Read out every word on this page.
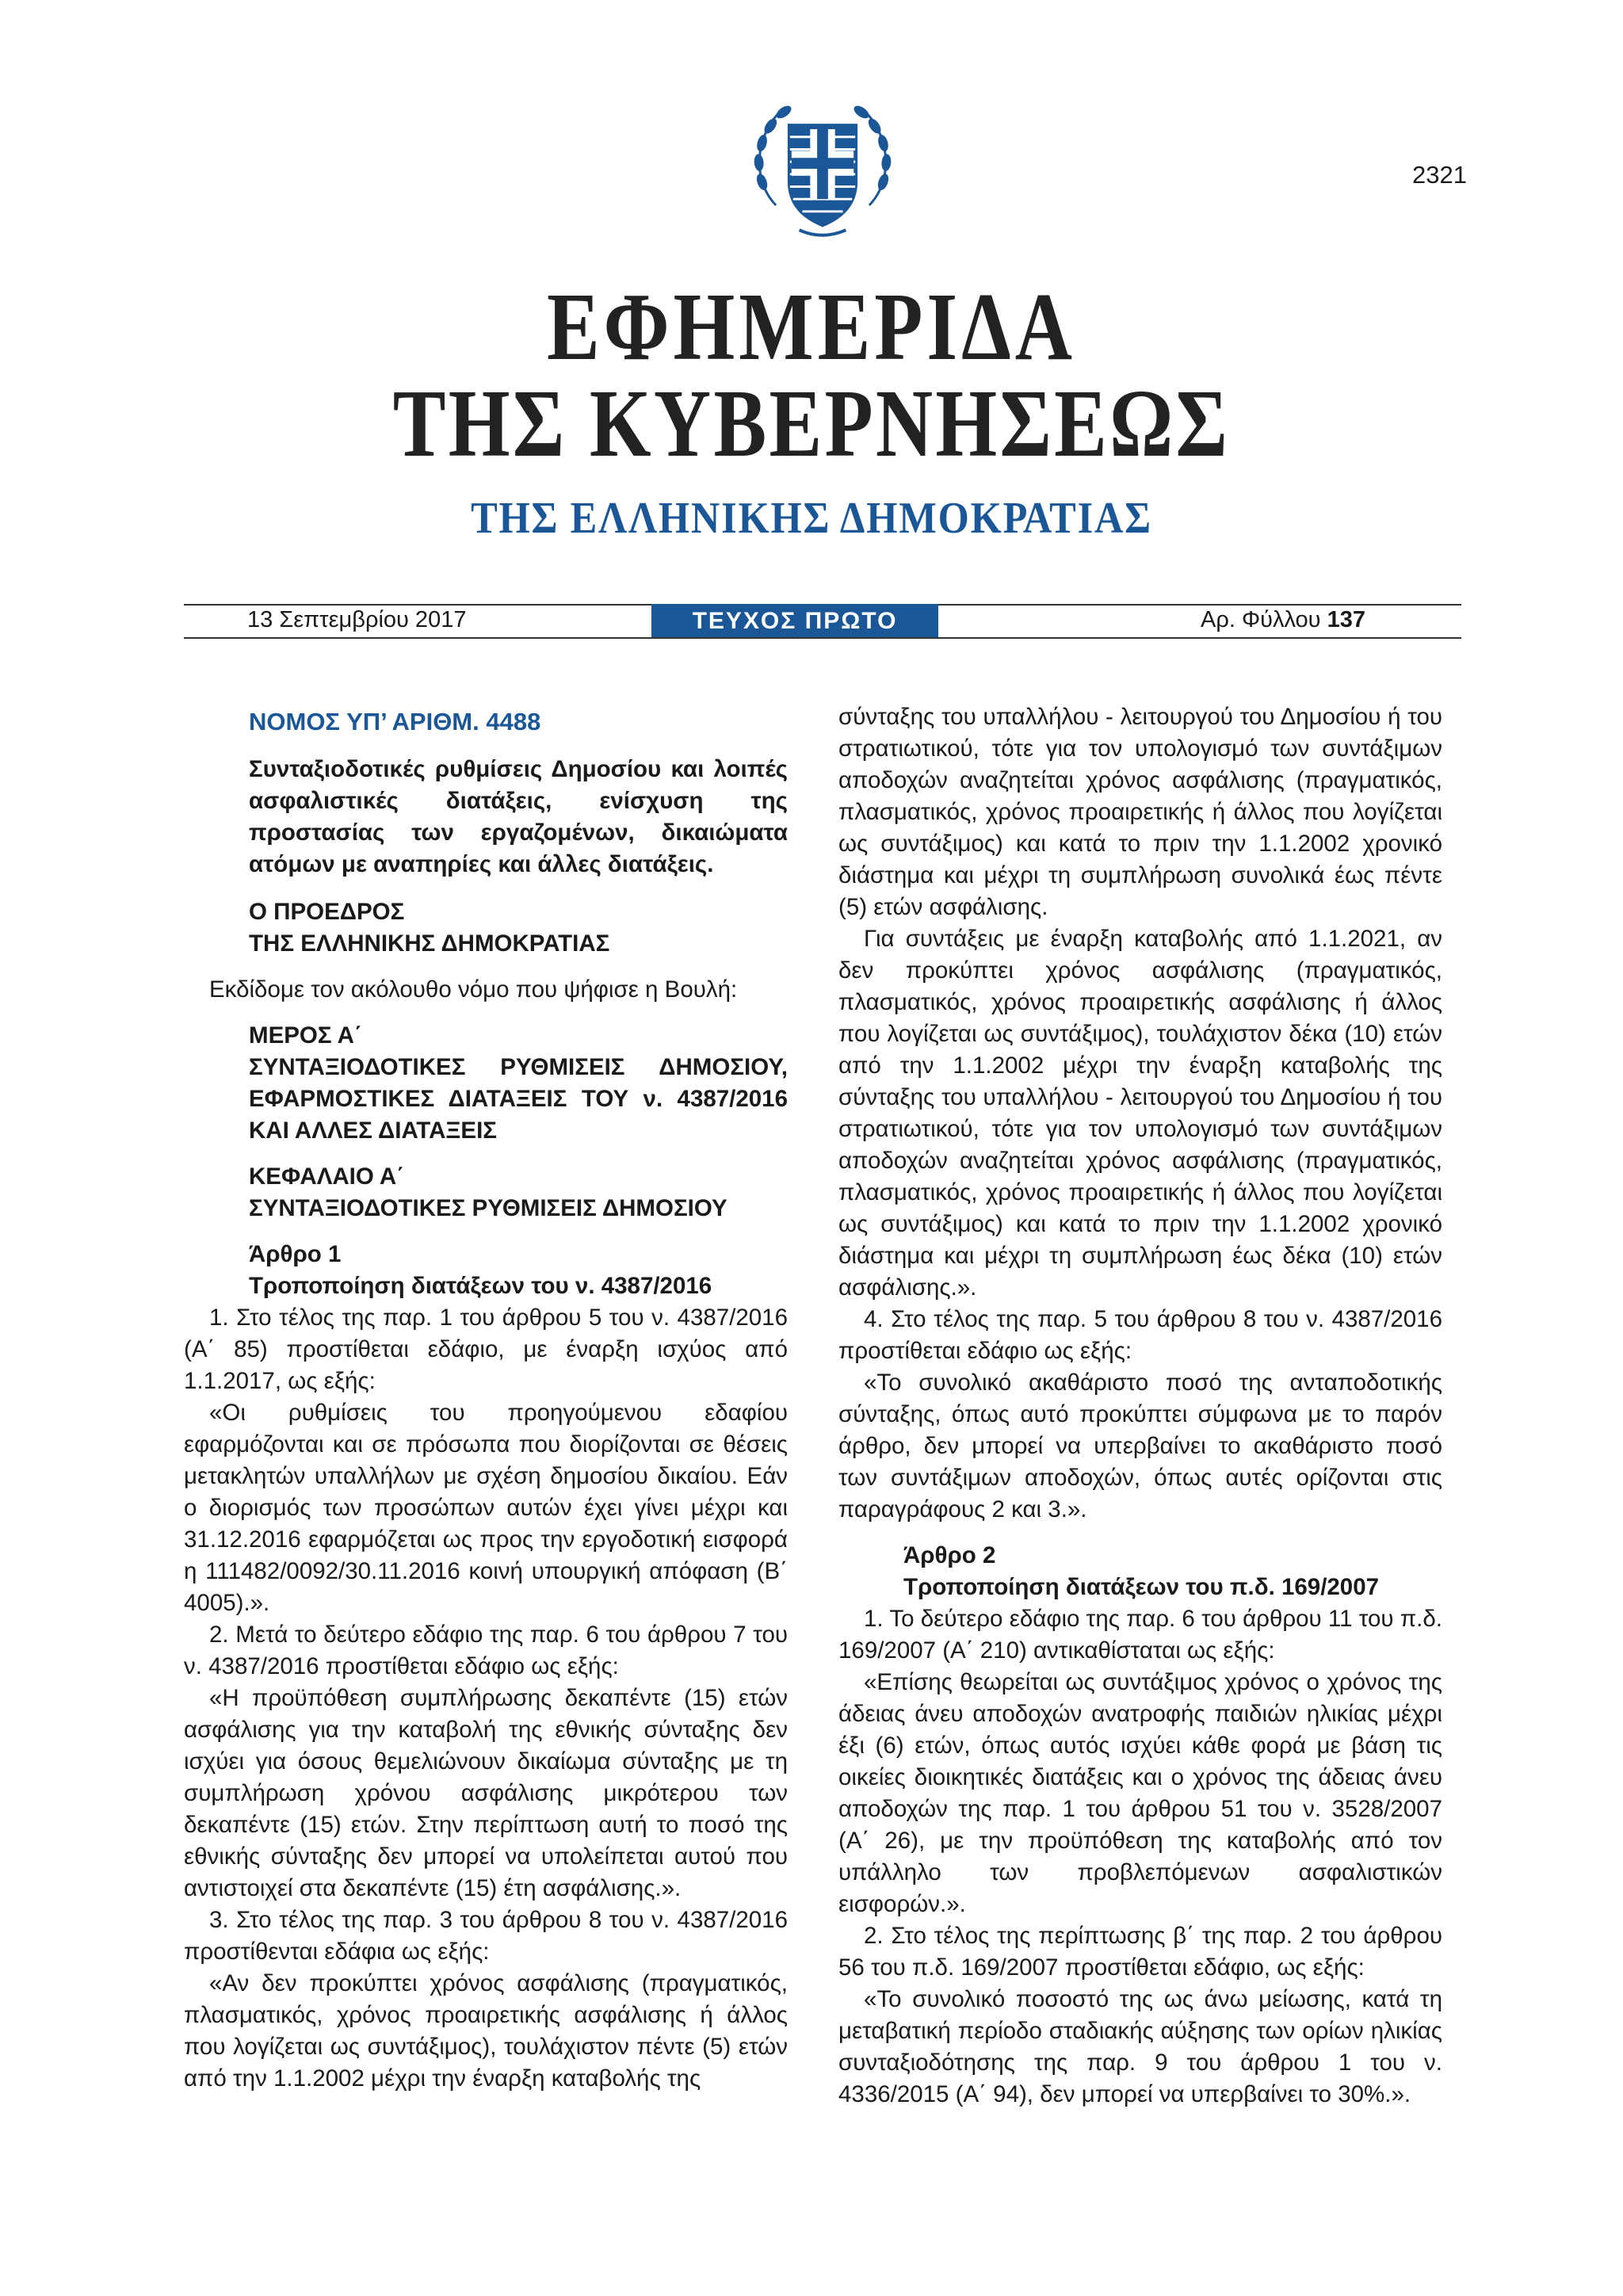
2321
ΕΦΗΜΕΡΙΔΑ
ΤΗΣ ΚΥΒΕΡΝΗΣΕΩΣ
ΤΗΣ ΕΛΛΗΝΙΚΗΣ ΔΗΜΟΚΡΑΤΙΑΣ
13 Σεπτεμβρίου 2017	ΤΕΥΧΟΣ ΠΡΩΤΟ	Αρ. Φύλλου 137

ΝΟΜΟΣ ΥΠ’ ΑΡΙΘΜ. 4488

Συνταξιοδοτικές ρυθμίσεις Δημοσίου και λοιπές ασφαλιστικές διατάξεις, ενίσχυση της προστασίας των εργαζομένων, δικαιώματα ατόμων με αναπηρίες και άλλες διατάξεις.

Ο ΠΡΟΕΔΡΟΣ

ΤΗΣ ΕΛΛΗΝΙΚΗΣ ΔΗΜΟΚΡΑΤΙΑΣ

Εκδίδομε τον ακόλουθο νόμο που ψήφισε η Βουλή:

ΜΕΡΟΣ Α΄

ΣΥΝΤΑΞΙΟΔΟΤΙΚΕΣ ΡΥΘΜΙΣΕΙΣ ΔΗΜΟΣΙΟΥ, ΕΦΑΡΜΟΣΤΙΚΕΣ ΔΙΑΤΑΞΕΙΣ ΤΟΥ ν. 4387/2016 ΚΑΙ ΑΛΛΕΣ ΔΙΑΤΑΞΕΙΣ

ΚΕΦΑΛΑΙΟ Α΄

ΣΥΝΤΑΞΙΟΔΟΤΙΚΕΣ ΡΥΘΜΙΣΕΙΣ ΔΗΜΟΣΙΟΥ

Άρθρο 1

Τροποποίηση διατάξεων του ν. 4387/2016

1. Στο τέλος της παρ. 1 του άρθρου 5 του ν. 4387/2016 (Α΄ 85) προστίθεται εδάφιο, με έναρξη ισχύος από 1.1.2017, ως εξής:

«Οι ρυθμίσεις του προηγούμενου εδαφίου εφαρμόζονται και σε πρόσωπα που διορίζονται σε θέσεις μετακλητών υπαλλήλων με σχέση δημοσίου δικαίου. Εάν ο διορισμός των προσώπων αυτών έχει γίνει μέχρι και 31.12.2016 εφαρμόζεται ως προς την εργοδοτική εισφορά η 111482/0092/30.11.2016 κοινή υπουργική απόφαση (Β΄ 4005).».

2. Μετά το δεύτερο εδάφιο της παρ. 6 του άρθρου 7 του ν. 4387/2016 προστίθεται εδάφιο ως εξής:

«Η προϋπόθεση συμπλήρωσης δεκαπέντε (15) ετών ασφάλισης για την καταβολή της εθνικής σύνταξης δεν ισχύει για όσους θεμελιώνουν δικαίωμα σύνταξης με τη συμπλήρωση χρόνου ασφάλισης μικρότερου των δεκαπέντε (15) ετών. Στην περίπτωση αυτή το ποσό της εθνικής σύνταξης δεν μπορεί να υπολείπεται αυτού που αντιστοιχεί στα δεκαπέντε (15) έτη ασφάλισης.».

3. Στο τέλος της παρ. 3 του άρθρου 8 του ν. 4387/2016 προστίθενται εδάφια ως εξής:

«Αν δεν προκύπτει χρόνος ασφάλισης (πραγματικός, πλασματικός, χρόνος προαιρετικής ασφάλισης ή άλλος που λογίζεται ως συντάξιμος), τουλάχιστον πέντε (5) ετών από την 1.1.2002 μέχρι την έναρξη καταβολής της

σύνταξης του υπαλλήλου - λειτουργού του Δημοσίου ή του στρατιωτικού, τότε για τον υπολογισμό των συντάξιμων αποδοχών αναζητείται χρόνος ασφάλισης (πραγματικός, πλασματικός, χρόνος προαιρετικής ή άλλος που λογίζεται ως συντάξιμος) και κατά το πριν την 1.1.2002 χρονικό διάστημα και μέχρι τη συμπλήρωση συνολικά έως πέντε (5) ετών ασφάλισης.

Για συντάξεις με έναρξη καταβολής από 1.1.2021, αν δεν προκύπτει χρόνος ασφάλισης (πραγματικός, πλασματικός, χρόνος προαιρετικής ασφάλισης ή άλλος που λογίζεται ως συντάξιμος), τουλάχιστον δέκα (10) ετών από την 1.1.2002 μέχρι την έναρξη καταβολής της σύνταξης του υπαλλήλου - λειτουργού του Δημοσίου ή του στρατιωτικού, τότε για τον υπολογισμό των συντάξιμων αποδοχών αναζητείται χρόνος ασφάλισης (πραγματικός, πλασματικός, χρόνος προαιρετικής ή άλλος που λογίζεται ως συντάξιμος) και κατά το πριν την 1.1.2002 χρονικό διάστημα και μέχρι τη συμπλήρωση έως δέκα (10) ετών ασφάλισης.».

4. Στο τέλος της παρ. 5 του άρθρου 8 του ν. 4387/2016 προστίθεται εδάφιο ως εξής:

«Το συνολικό ακαθάριστο ποσό της ανταποδοτικής σύνταξης, όπως αυτό προκύπτει σύμφωνα με το παρόν άρθρο, δεν μπορεί να υπερβαίνει το ακαθάριστο ποσό των συντάξιμων αποδοχών, όπως αυτές ορίζονται στις παραγράφους 2 και 3.».

Άρθρο 2

Τροποποίηση διατάξεων του π.δ. 169/2007

1. Το δεύτερο εδάφιο της παρ. 6 του άρθρου 11 του π.δ. 169/2007 (Α΄ 210) αντικαθίσταται ως εξής:

«Επίσης θεωρείται ως συντάξιμος χρόνος ο χρόνος της άδειας άνευ αποδοχών ανατροφής παιδιών ηλικίας μέχρι έξι (6) ετών, όπως αυτός ισχύει κάθε φορά με βάση τις οικείες διοικητικές διατάξεις και ο χρόνος της άδειας άνευ αποδοχών της παρ. 1 του άρθρου 51 του ν. 3528/2007 (Α΄ 26), με την προϋπόθεση της καταβολής από τον υπάλληλο των προβλεπόμενων ασφαλιστικών εισφορών.».

2. Στο τέλος της περίπτωσης β΄ της παρ. 2 του άρθρου 56 του π.δ. 169/2007 προστίθεται εδάφιο, ως εξής:

«Το συνολικό ποσοστό της ως άνω μείωσης, κατά τη μεταβατική περίοδο σταδιακής αύξησης των ορίων ηλικίας συνταξιοδότησης της παρ. 9 του άρθρου 1 του ν. 4336/2015 (Α΄ 94), δεν μπορεί να υπερβαίνει το 30%.».
